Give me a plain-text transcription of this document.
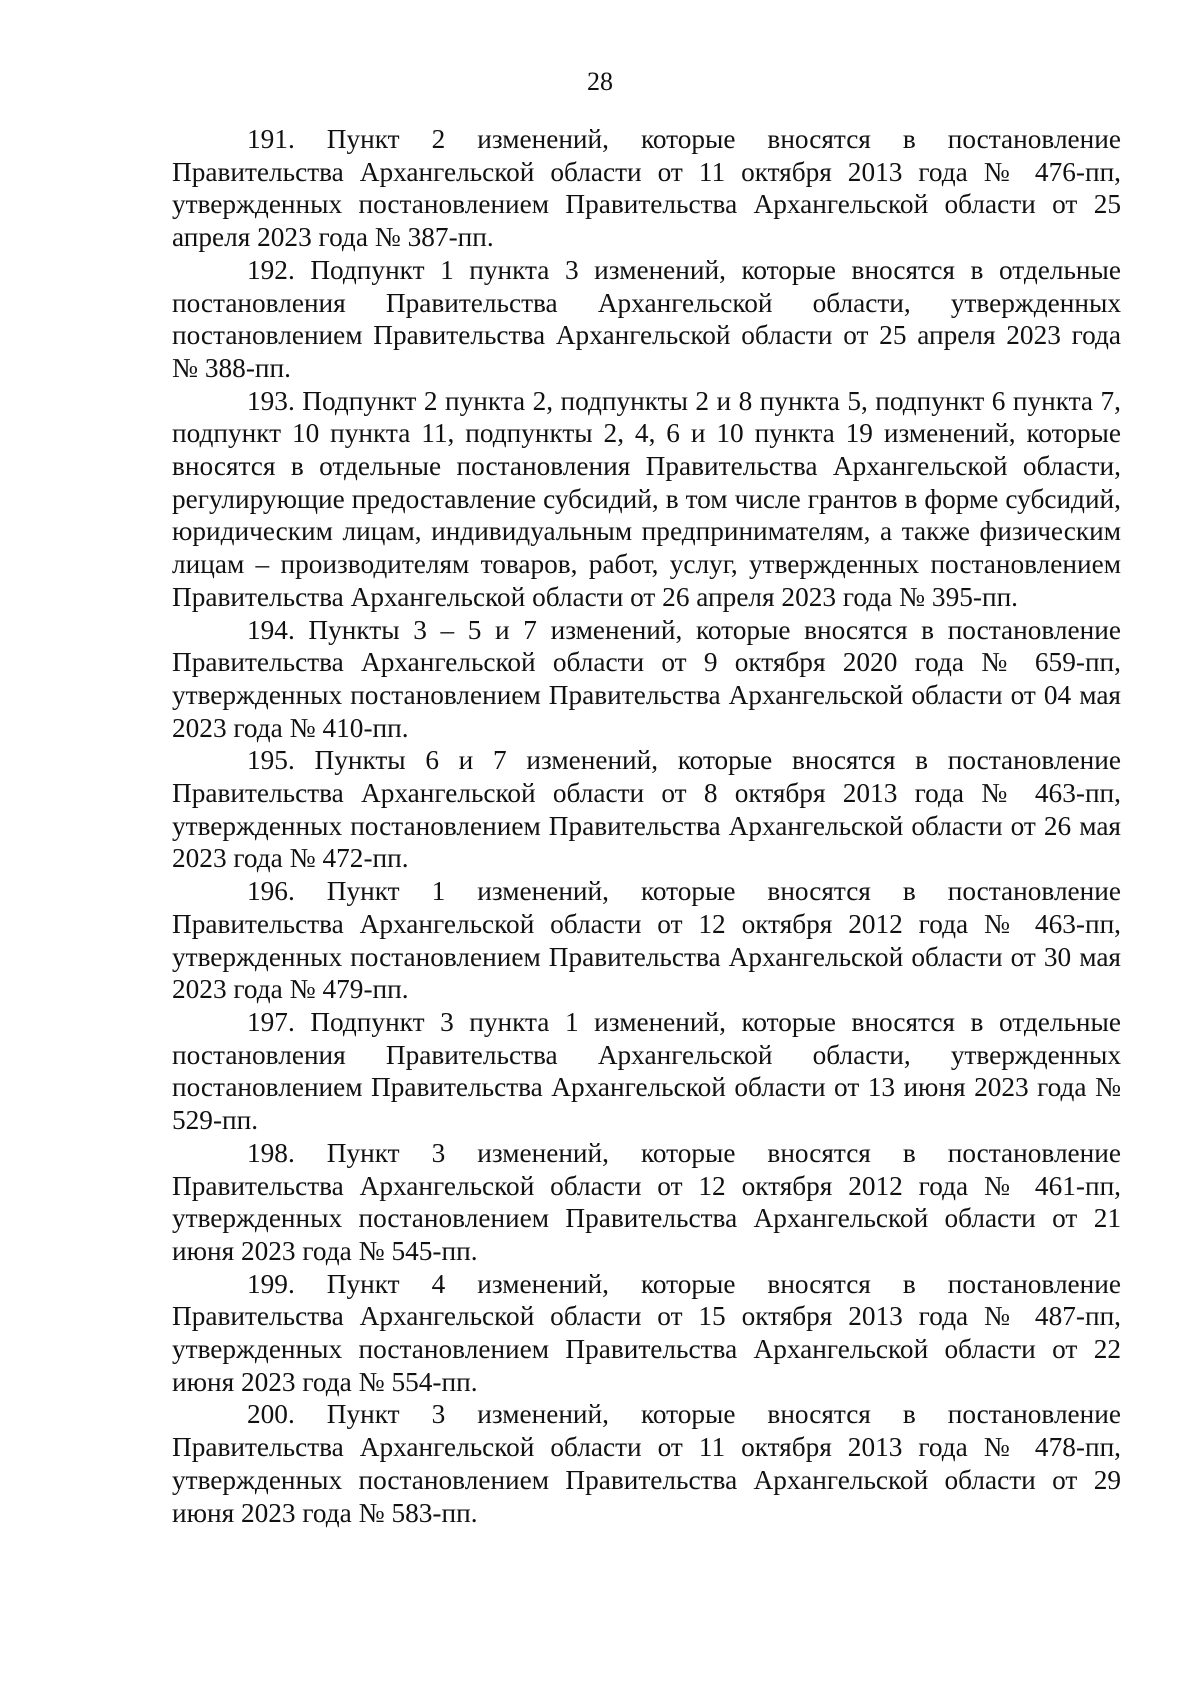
28

191. Пункт 2 изменений, которые вносятся в постановление Правительства Архангельской области от 11 октября 2013 года № 476-пп, утвержденных постановлением Правительства Архангельской области от 25 апреля 2023 года № 387-пп.

192. Подпункт 1 пункта 3 изменений, которые вносятся в отдельные постановления Правительства Архангельской области, утвержденных постановлением Правительства Архангельской области от 25 апреля 2023 года № 388-пп.

193. Подпункт 2 пункта 2, подпункты 2 и 8 пункта 5, подпункт 6 пункта 7, подпункт 10 пункта 11, подпункты 2, 4, 6 и 10 пункта 19 изменений, которые вносятся в отдельные постановления Правительства Архангельской области, регулирующие предоставление субсидий, в том числе грантов в форме субсидий, юридическим лицам, индивидуальным предпринимателям, а также физическим лицам – производителям товаров, работ, услуг, утвержденных постановлением Правительства Архангельской области от 26 апреля 2023 года № 395-пп.

194. Пункты 3 – 5 и 7 изменений, которые вносятся в постановление Правительства Архангельской области от 9 октября 2020 года № 659-пп, утвержденных постановлением Правительства Архангельской области от 04 мая 2023 года № 410-пп.

195. Пункты 6 и 7 изменений, которые вносятся в постановление Правительства Архангельской области от 8 октября 2013 года № 463-пп, утвержденных постановлением Правительства Архангельской области от 26 мая 2023 года № 472-пп.

196. Пункт 1 изменений, которые вносятся в постановление Правительства Архангельской области от 12 октября 2012 года № 463-пп, утвержденных постановлением Правительства Архангельской области от 30 мая 2023 года № 479-пп.

197. Подпункт 3 пункта 1 изменений, которые вносятся в отдельные постановления Правительства Архангельской области, утвержденных постановлением Правительства Архангельской области от 13 июня 2023 года № 529-пп.

198. Пункт 3 изменений, которые вносятся в постановление Правительства Архангельской области от 12 октября 2012 года № 461-пп, утвержденных постановлением Правительства Архангельской области от 21 июня 2023 года № 545-пп.

199. Пункт 4 изменений, которые вносятся в постановление Правительства Архангельской области от 15 октября 2013 года № 487-пп, утвержденных постановлением Правительства Архангельской области от 22 июня 2023 года № 554-пп.

200. Пункт 3 изменений, которые вносятся в постановление Правительства Архангельской области от 11 октября 2013 года № 478-пп, утвержденных постановлением Правительства Архангельской области от 29 июня 2023 года № 583-пп.
